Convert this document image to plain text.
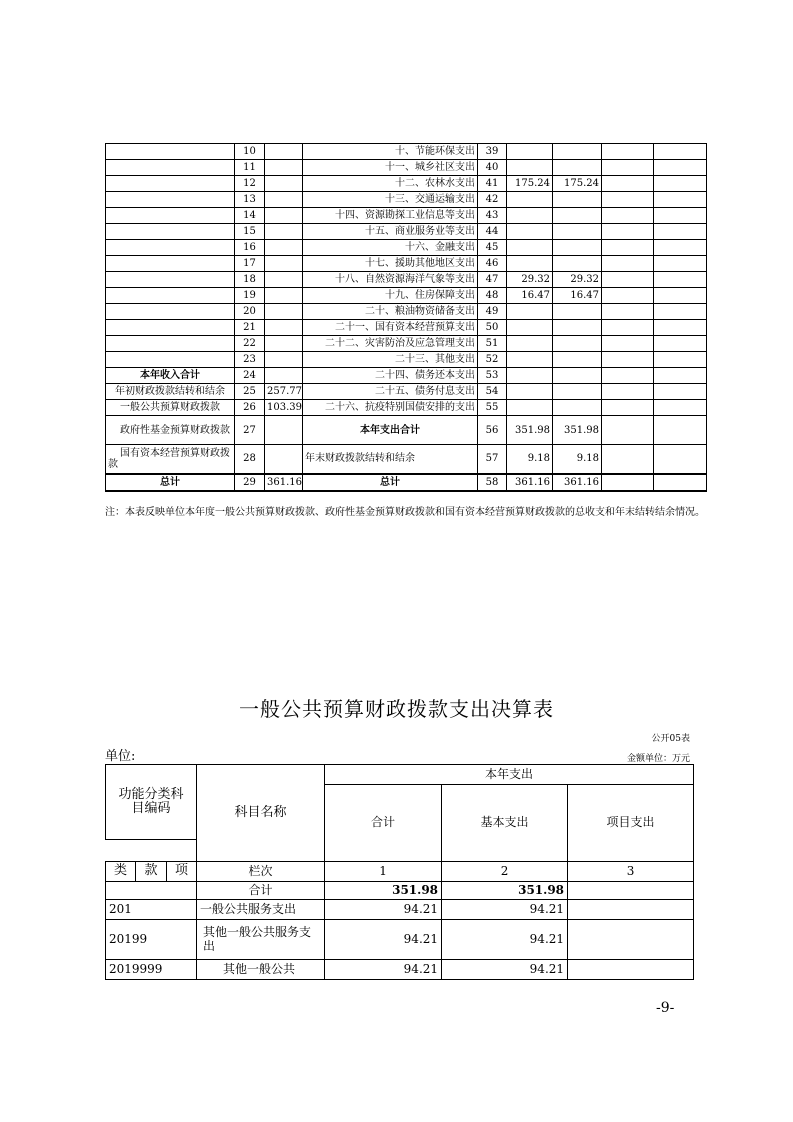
	10		十、节能环保支出	39				
	11		十一、城乡社区支出	40				
	12		十二、农林水支出	41	175.24	175.24		
	13		十三、交通运输支出	42				
	14		十四、资源勘探工业信息等支出	43				
	15		十五、商业服务业等支出	44				
	16		十六、金融支出	45				
	17		十七、援助其他地区支出	46				
	18		十八、自然资源海洋气象等支出	47	29.32	29.32		
	19		十九、住房保障支出	48	16.47	16.47		
	20		二十、粮油物资储备支出	49				
	21		二十一、国有资本经营预算支出	50				
	22		二十二、灾害防治及应急管理支出	51				
	23		二十三、其他支出	52				
本年收入合计	24		二十四、债务还本支出	53				
年初财政拨款结转和结余	25	257.77	二十五、债务付息支出	54				
一般公共预算财政拨款	26	103.39	二十六、抗疫特别国债安排的支出	55				
政府性基金预算财政拨款	27		本年支出合计	56	351.98	351.98		
国有资本经营预算财政拨款	28		年末财政拨款结转和结余	57	9.18	9.18		
总计	29	361.16	总计	58	361.16	361.16		
注：本表反映单位本年度一般公共预算财政拨款、政府性基金预算财政拨款和国有资本经营预算财政拨款的总收支和年末结转结余情况。
一般公共预算财政拨款支出决算表
公开05表
单位:	金额单位：万元
功能分类科目编码			科目名称	本年支出		
				合计	基本支出	项目支出

类	款	项	栏次	1	2	3
			合计	351.98	351.98	
201			一般公共服务支出	94.21	94.21	
20199			其他一般公共服务支出	94.21	94.21	
2019999			其他一般公共	94.21	94.21	
-9-
